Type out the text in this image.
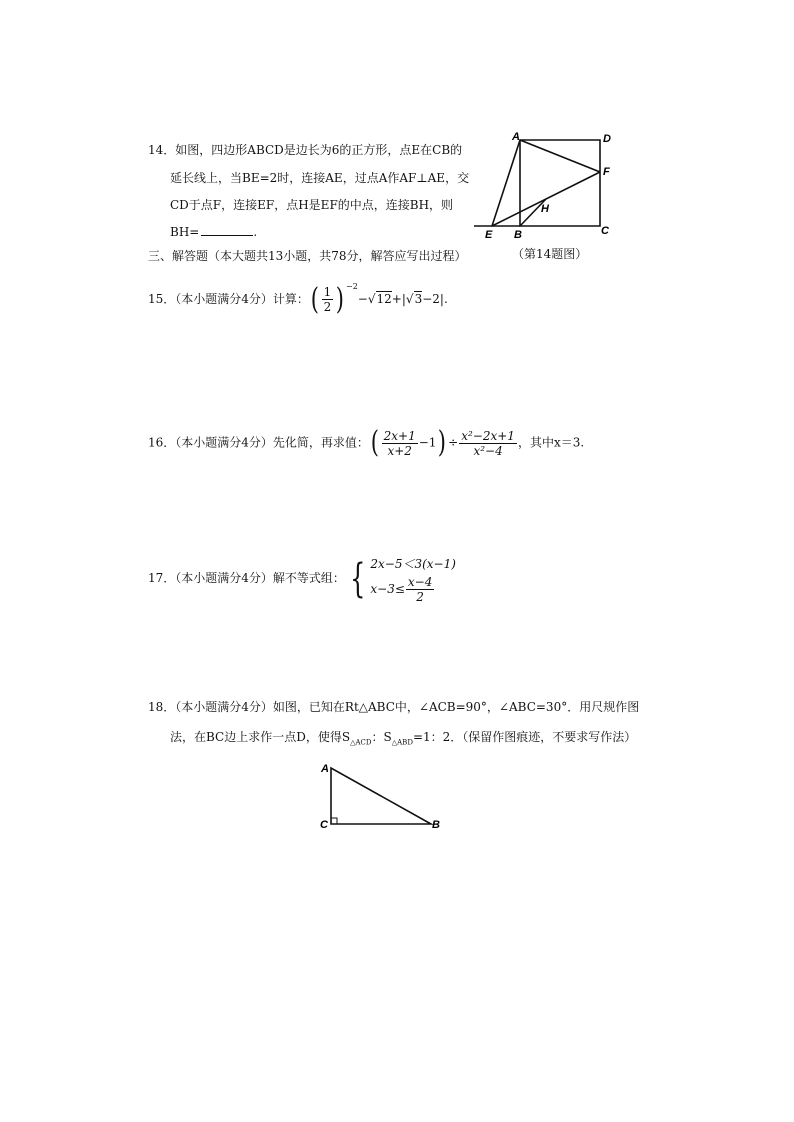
14．如图，四边形ABCD是边长为6的正方形，点E在CB的
延长线上，当BE=2时，连接AE，过点A作AF⊥AE，交
CD于点F，连接EF，点H是EF的中点，连接BH，则
BH=	.
A	D
F
H
E B	C
（第14题图）
三、解答题（本大题共13小题，共78分，解答应写出过程）
15．（本小题满分4分）计算：( $\frac{1}{2}$ ) $^{-2}$−√12+|√3−2|.
16．（本小题满分4分）先化简，再求值：( $\frac{2x+1}{x+2} -1) \div \frac{\text{x²−2x+1}}{\text{x²−4}}$ ，其中x＝3.
17．（本小题满分4分）解不等式组： { 2x−5＜3(x−1)
$x-3\le \frac{x-4}{2}$
18．（本小题满分4分）如图，已知在Rt△ABC中，∠ACB=90°，∠ABC=30°．用尺规作图
法，在BC边上求作一点D，使得$S_{\triangle ACD}$：$S_{\triangle ABD}=1$：2．（保留作图痕迹，不要求写作法）
A
C	B
